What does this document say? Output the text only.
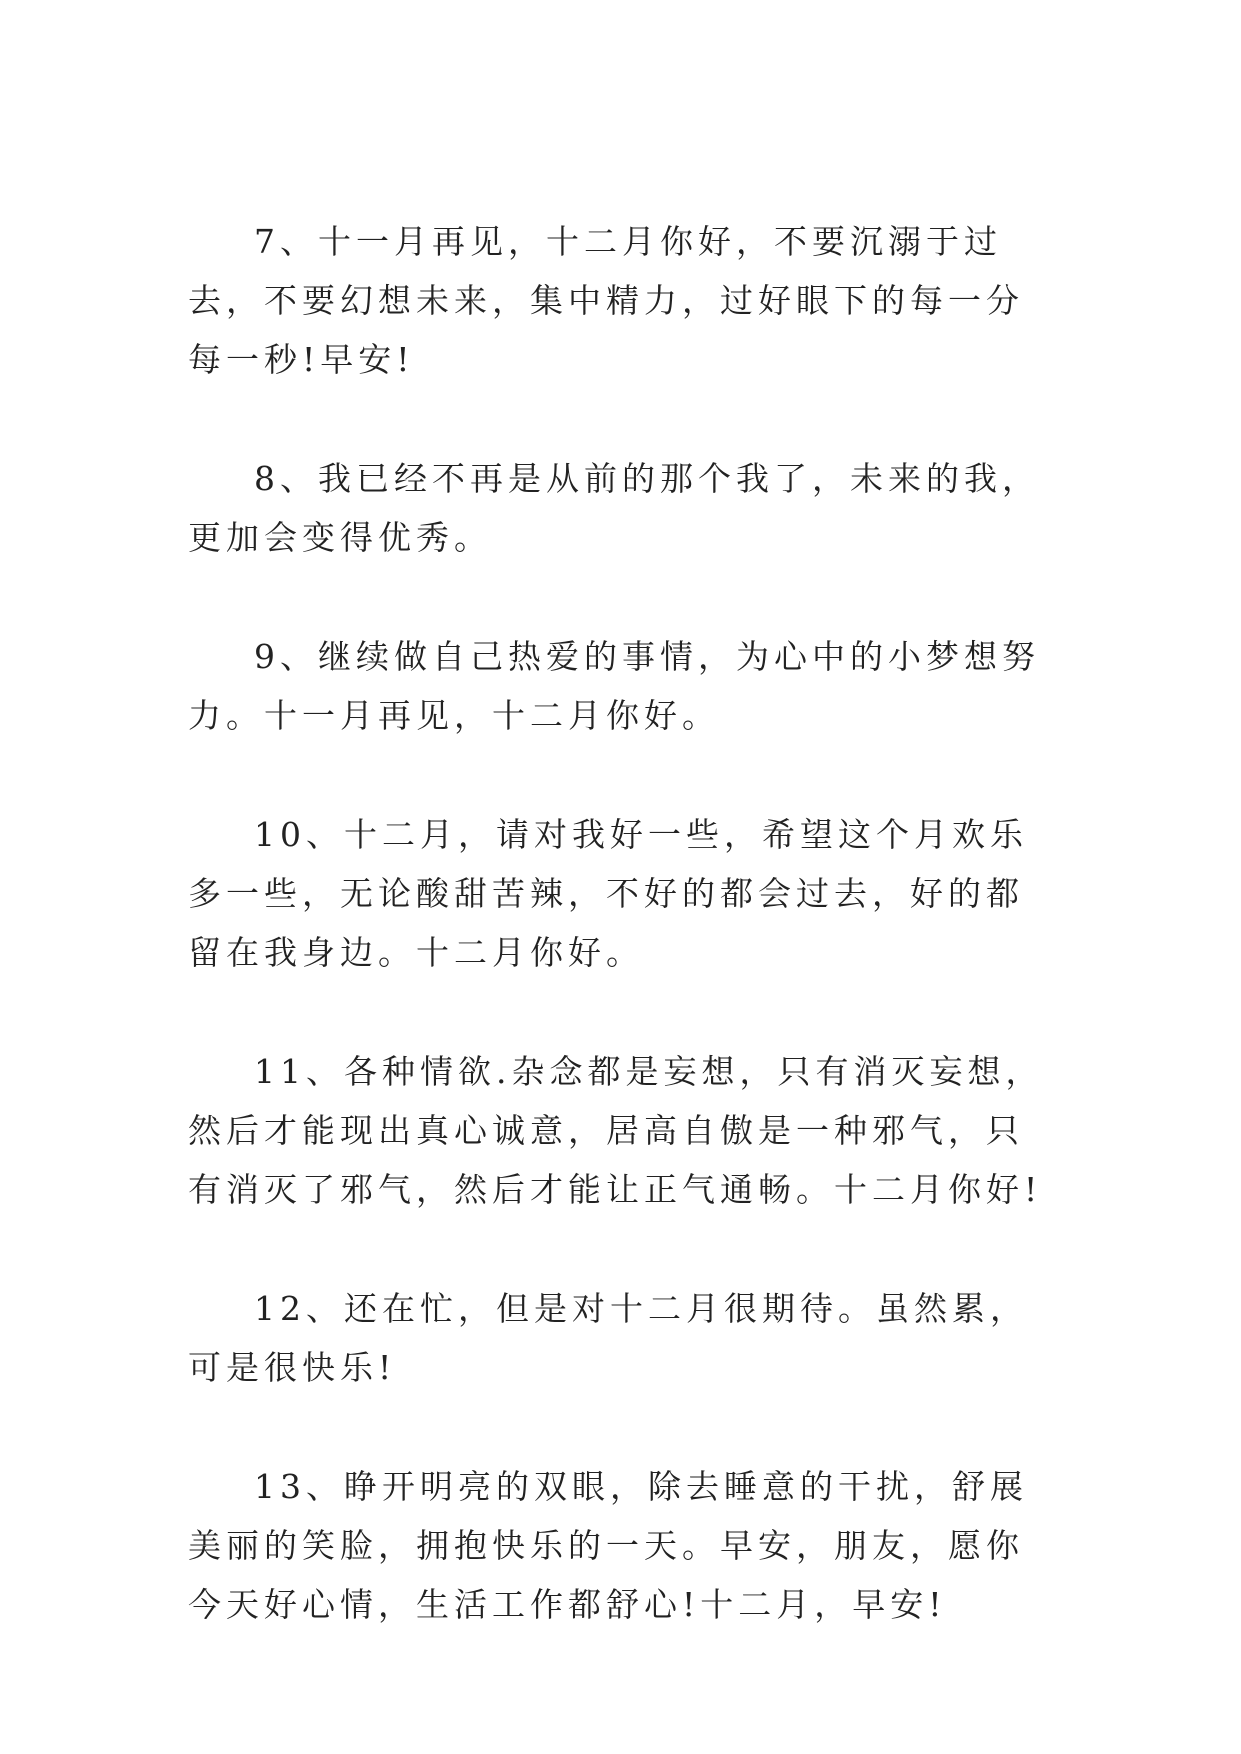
7、十一月再见，十二月你好，不要沉溺于过去，不要幻想未来，集中精力，过好眼下的每一分每一秒!早安!

8、我已经不再是从前的那个我了，未来的我，更加会变得优秀。

9、继续做自己热爱的事情，为心中的小梦想努力。十一月再见，十二月你好。

10、十二月，请对我好一些，希望这个月欢乐多一些，无论酸甜苦辣，不好的都会过去，好的都留在我身边。十二月你好。

11、各种情欲.杂念都是妄想，只有消灭妄想，然后才能现出真心诚意，居高自傲是一种邪气，只有消灭了邪气，然后才能让正气通畅。十二月你好!

12、还在忙，但是对十二月很期待。虽然累，可是很快乐!

13、睁开明亮的双眼，除去睡意的干扰，舒展美丽的笑脸，拥抱快乐的一天。早安，朋友，愿你今天好心情，生活工作都舒心!十二月，早安!
